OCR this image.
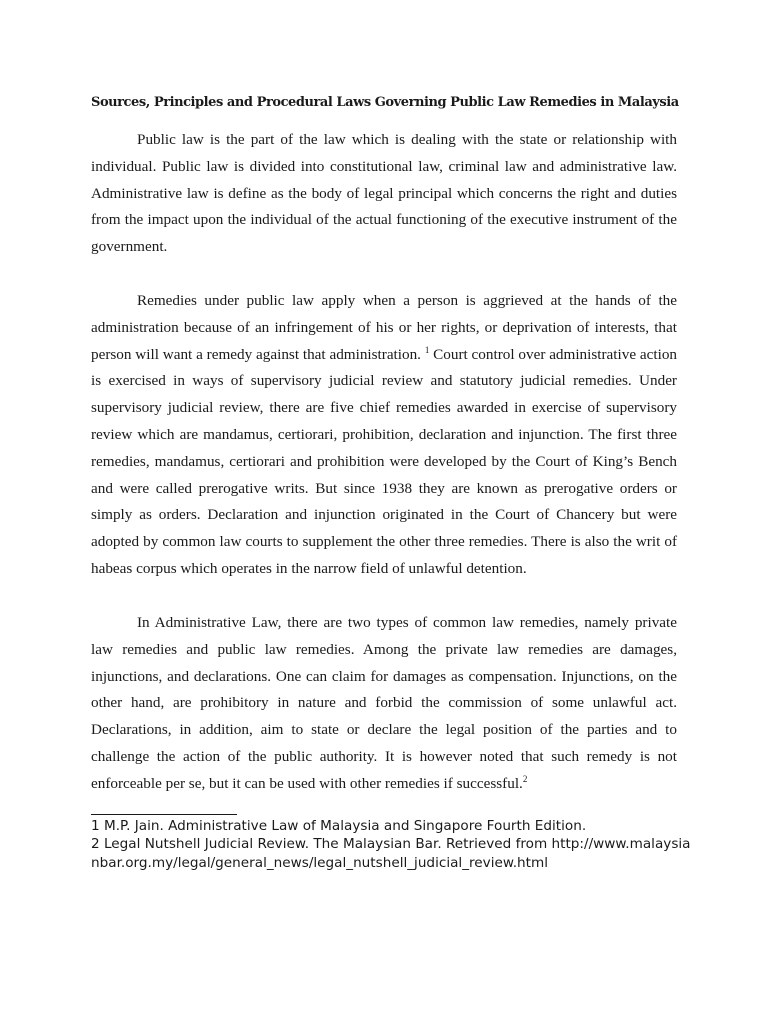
Sources, Principles and Procedural Laws Governing Public Law Remedies in Malaysia

Public law is the part of the law which is dealing with the state or relationship with individual. Public law is divided into constitutional law, criminal law and administrative law. Administrative law is define as the body of legal principal which concerns the right and duties from the impact upon the individual of the actual functioning of the executive instrument of the government.

Remedies under public law apply when a person is aggrieved at the hands of the administration because of an infringement of his or her rights, or deprivation of interests, that person will want a remedy against that administration. $^1$ Court control over administrative action is exercised in ways of supervisory judicial review and statutory judicial remedies. Under supervisory judicial review, there are five chief remedies awarded in exercise of supervisory review which are mandamus, certiorari, prohibition, declaration and injunction. The first three remedies, mandamus, certiorari and prohibition were developed by the Court of King’s Bench and were called prerogative writs. But since 1938 they are known as prerogative orders or simply as orders. Declaration and injunction originated in the Court of Chancery but were adopted by common law courts to supplement the other three remedies. There is also the writ of habeas corpus which operates in the narrow field of unlawful detention.

In Administrative Law, there are two types of common law remedies, namely private law remedies and public law remedies. Among the private law remedies are damages, injunctions, and declarations. One can claim for damages as compensation. Injunctions, on the other hand, are prohibitory in nature and forbid the commission of some unlawful act. Declarations, in addition, aim to state or declare the legal position of the parties and to challenge the action of the public authority. It is however noted that such remedy is not enforceable per se, but it can be used with other remedies if successful.$^2$

1 M.P. Jain. Administrative Law of Malaysia and Singapore Fourth Edition.

2 Legal Nutshell Judicial Review. The Malaysian Bar. Retrieved from http://www.malaysianbar.org.my/legal/general_news/legal_nutshell_judicial_review.html
